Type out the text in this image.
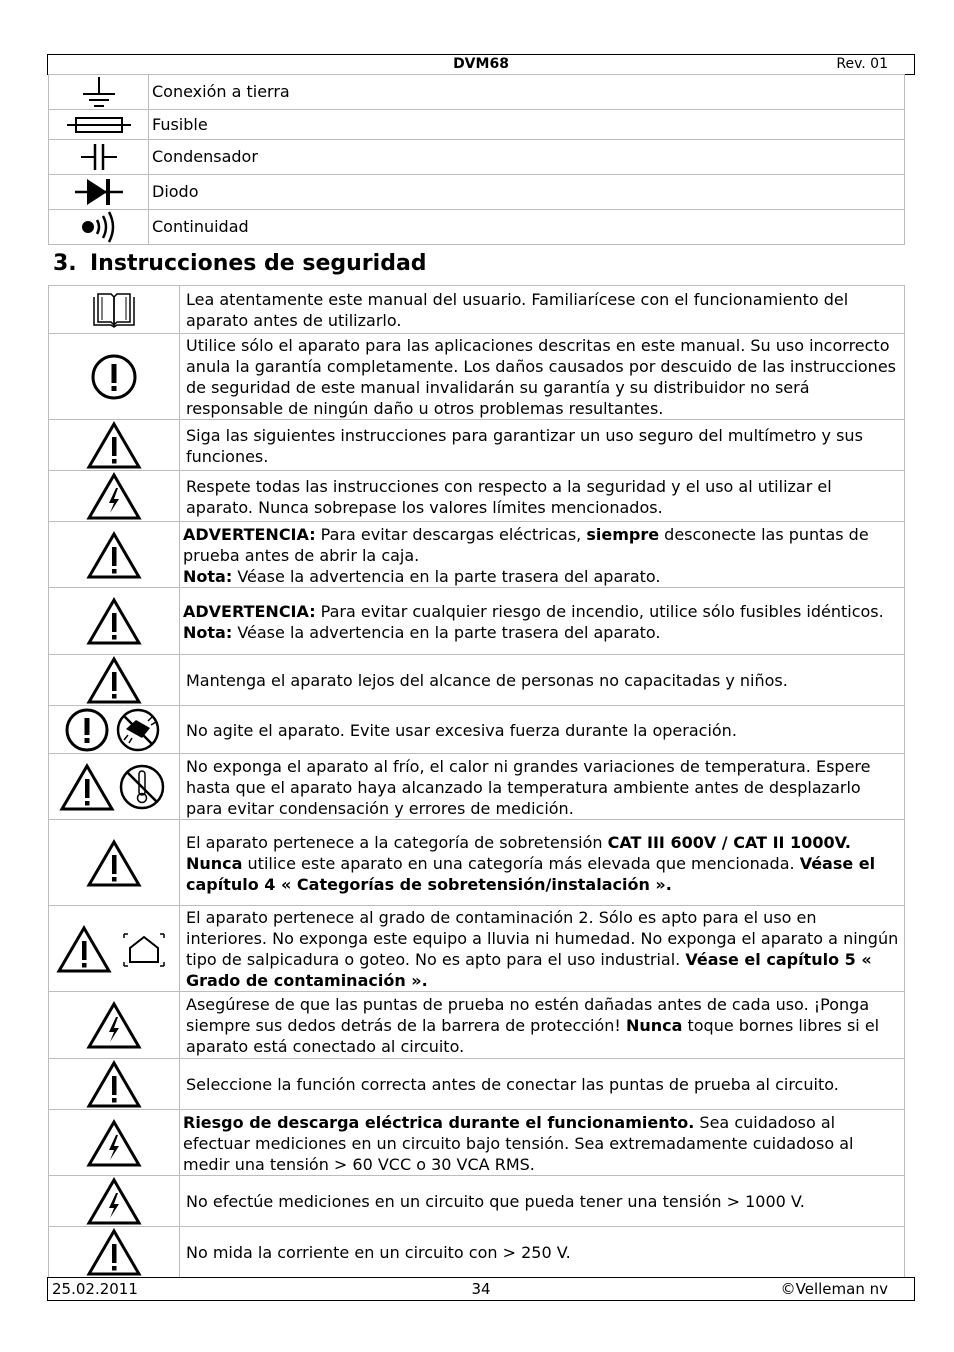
DVM68	Rev. 01
	Conexión a tierra

	Fusible

	Condensador

	Diodo

	Continuidad
3. Instrucciones de seguridad
	Lea atentamente este manual del usuario. Familiarícese con el funcionamiento del aparato antes de utilizarlo.

	Utilice sólo el aparato para las aplicaciones descritas en este manual. Su uso incorrecto anula la garantía completamente. Los daños causados por descuido de las instrucciones de seguridad de este manual invalidarán su garantía y su distribuidor no será responsable de ningún daño u otros problemas resultantes.

	Siga las siguientes instrucciones para garantizar un uso seguro del multímetro y sus funciones.

	Respete todas las instrucciones con respecto a la seguridad y el uso al utilizar el aparato. Nunca sobrepase los valores límites mencionados.

	ADVERTENCIA: Para evitar descargas eléctricas, siempre desconecte las puntas de prueba antes de abrir la caja.
Nota: Véase la advertencia en la parte trasera del aparato.

	ADVERTENCIA: Para evitar cualquier riesgo de incendio, utilice sólo fusibles idénticos.
Nota: Véase la advertencia en la parte trasera del aparato.

	Mantenga el aparato lejos del alcance de personas no capacitadas y niños.

	No agite el aparato. Evite usar excesiva fuerza durante la operación.

	No exponga el aparato al frío, el calor ni grandes variaciones de temperatura. Espere hasta que el aparato haya alcanzado la temperatura ambiente antes de desplazarlo para evitar condensación y errores de medición.

	El aparato pertenece a la categoría de sobretensión CAT III 600V / CAT II 1000V. Nunca utilice este aparato en una categoría más elevada que mencionada. Véase el capítulo 4 « Categorías de sobretensión/instalación ».

	El aparato pertenece al grado de contaminación 2. Sólo es apto para el uso en interiores. No exponga este equipo a lluvia ni humedad. No exponga el aparato a ningún tipo de salpicadura o goteo. No es apto para el uso industrial. Véase el capítulo 5 « Grado de contaminación ».

	Asegúrese de que las puntas de prueba no estén dañadas antes de cada uso. ¡Ponga siempre sus dedos detrás de la barrera de protección! Nunca toque bornes libres si el aparato está conectado al circuito.

	Seleccione la función correcta antes de conectar las puntas de prueba al circuito.

	Riesgo de descarga eléctrica durante el funcionamiento. Sea cuidadoso al efectuar mediciones en un circuito bajo tensión. Sea extremadamente cuidadoso al medir una tensión > 60 VCC o 30 VCA RMS.

	No efectúe mediciones en un circuito que pueda tener una tensión > 1000 V.

	No mida la corriente en un circuito con > 250 V.
25.02.2011	34	©Velleman nv
